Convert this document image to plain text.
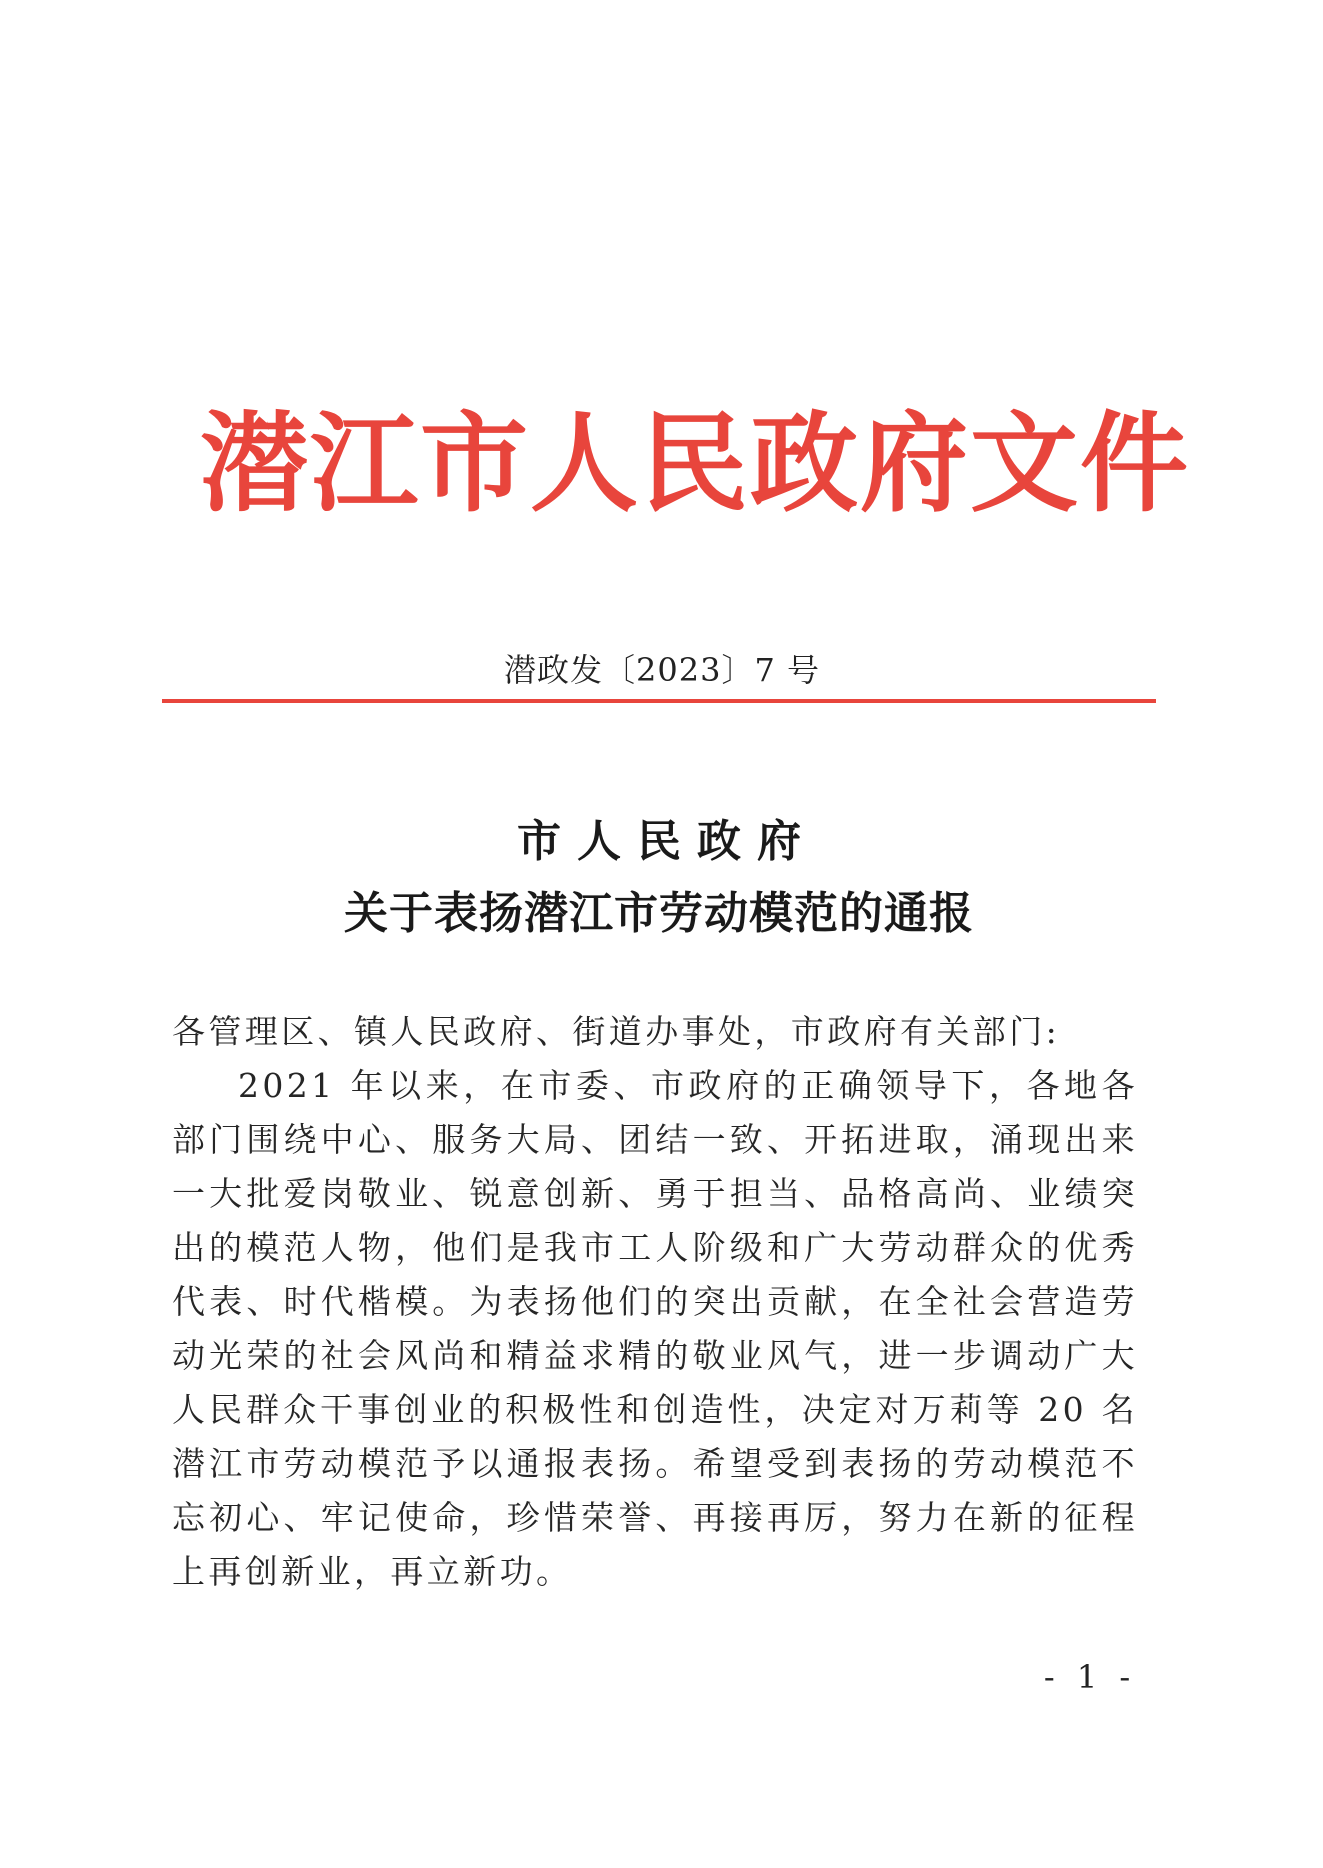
潜江市人民政府文件
潜政发〔2023〕7 号
市人民政府
关于表扬潜江市劳动模范的通报

各管理区、镇人民政府、街道办事处，市政府有关部门:

2021 年以来，在市委、市政府的正确领导下，各地各部门围绕中心、服务大局、团结一致、开拓进取，涌现出来一大批爱岗敬业、锐意创新、勇于担当、品格高尚、业绩突出的模范人物，他们是我市工人阶级和广大劳动群众的优秀代表、时代楷模。为表扬他们的突出贡献，在全社会营造劳动光荣的社会风尚和精益求精的敬业风气，进一步调动广大人民群众干事创业的积极性和创造性，决定对万莉等 20 名潜江市劳动模范予以通报表扬。希望受到表扬的劳动模范不忘初心、牢记使命，珍惜荣誉、再接再厉，努力在新的征程上再创新业，再立新功。

- 1 -
